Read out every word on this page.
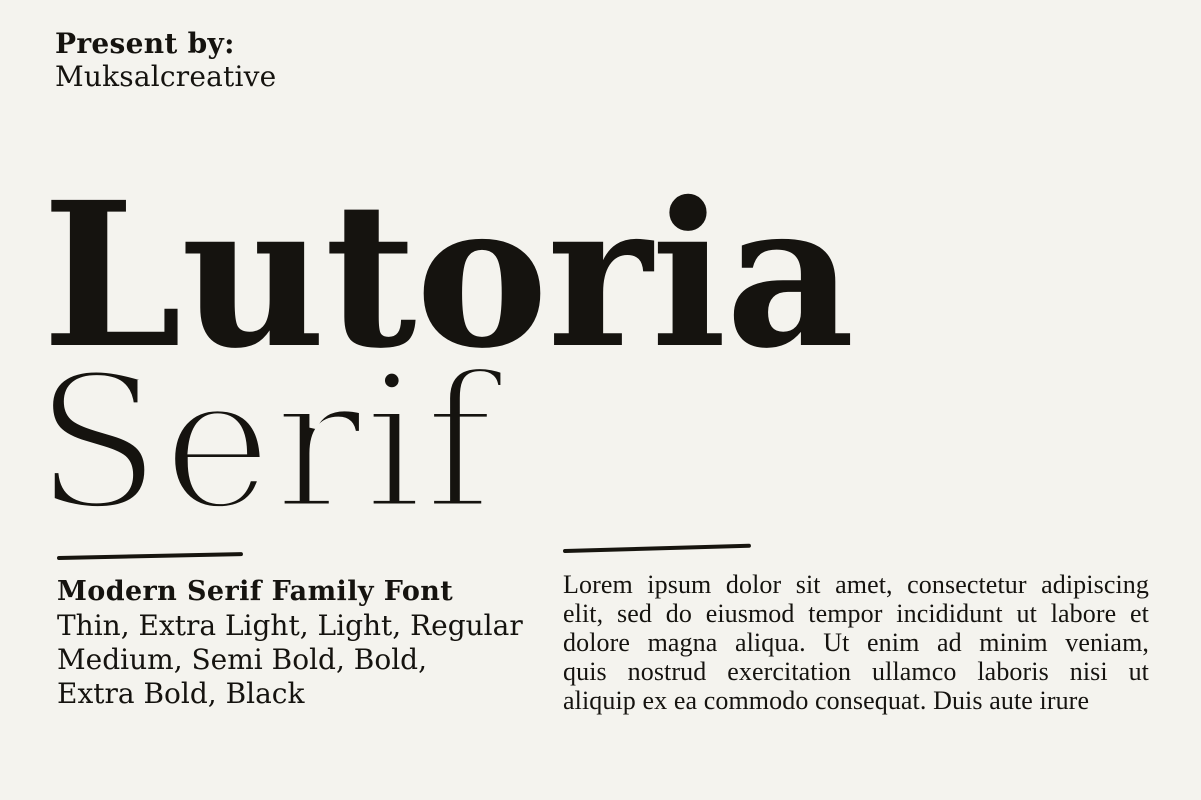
Present by:
Muksalcreative
Lutoria
Serif
Modern Serif Family Font
Thin, Extra Light, Light, Regular
Medium, Semi Bold, Bold,
Extra Bold, Black
Lorem ipsum dolor sit amet, consectetur adipiscing
elit, sed do eiusmod tempor incididunt ut labore et
dolore magna aliqua. Ut enim ad minim veniam,
quis nostrud exercitation ullamco laboris nisi ut
aliquip ex ea commodo consequat. Duis aute irure
